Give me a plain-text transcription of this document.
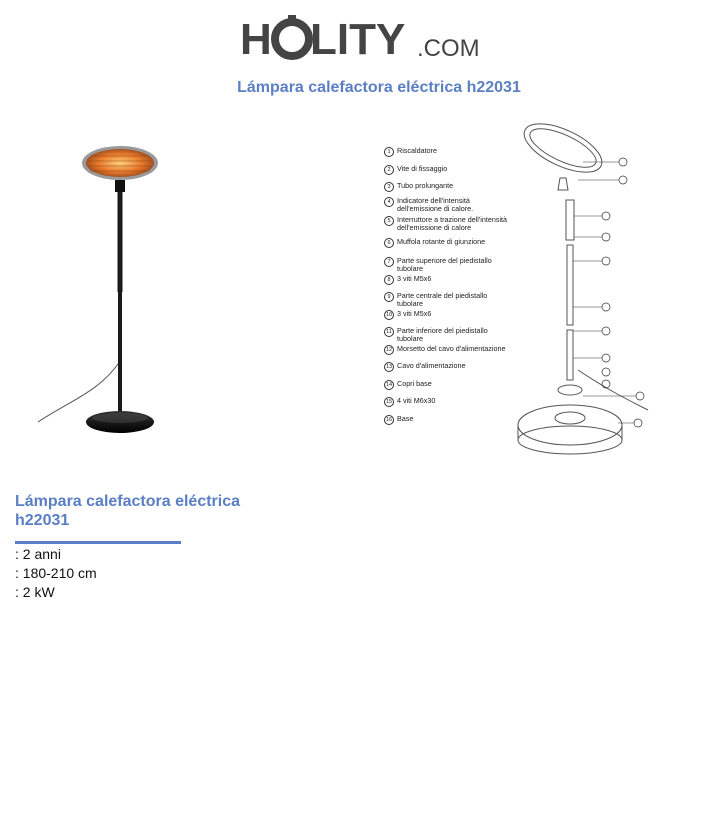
H LITY .COM
Lámpara calefactora eléctrica h22031
1 Riscaldatore
2 Vite di fissaggio
3 Tubo prolungante
4 Indicatore dell'intensità
dell'emissione di calore.
5 Interruttore a trazione dell'intensità
dell'emissione di calore
6 Muffola rotante di giunzione
7 Parte superiore del piedistallo tubolare
8 3 viti M5x6
9 Parte centrale del piedistallo tubolare
10 3 viti M5x6
11 Parte inferiore del piedistallo tubolare
12 Morsetto del cavo d'alimentazione
13 Cavo d'alimentazione
14 Copri base
15 4 viti M6x30
16 Base
Lámpara calefactora eléctrica
h22031
: 2 anni
: 180-210 cm
: 2 kW
